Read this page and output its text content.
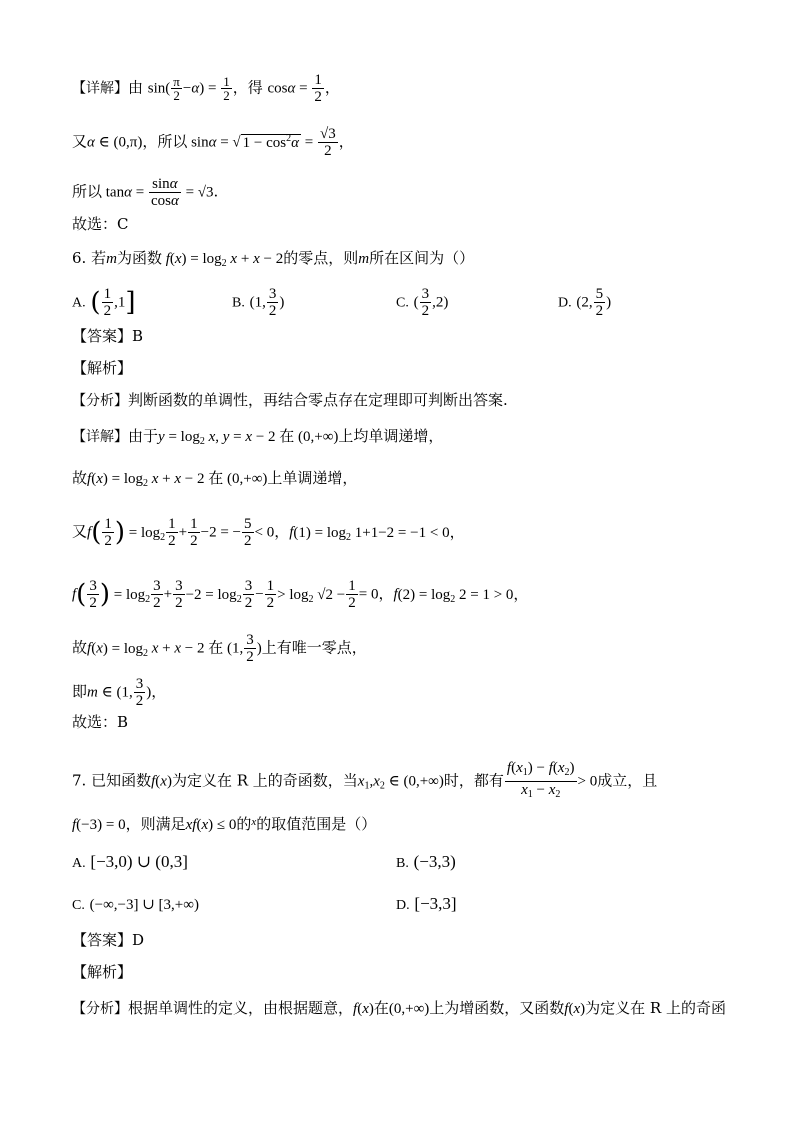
【详解】由 $\sin( \frac{\pi}{2} -\alpha) = \frac{1}{2}$ ，得 $\cos\alpha = \frac{1}{2}$ ，
又α ∈ (0,π)，所以 sinα = √ $1 - \cos^2\alpha = \frac{√3}{2}$ ，
所以 $\tan\alpha = \frac{\sin\alpha}{\cos\alpha} = √3$.
故选：C
6. 若m为函数 $f(x) = \log_2 x + x - 2$的零点，则m所在区间为（）
A. ( $\frac{1}{2} ,1$]	B. (1, $\frac{3}{2}$ )	C. ( $\frac{3}{2} ,2$)	D. (2, $\frac{5}{2}$ )
【答案】B
【解析】
【分析】判断函数的单调性，再结合零点存在定理即可判断出答案.
【详解】由于$y = \log_2 x$, y = x − 2 在 (0,+∞)上均单调递增，
故$f(x) = \log_2 x + x - 2$ 在 (0,+∞)上单调递增，
又$f( \frac{1}{2}$ ) = $\log_2 \frac{1}{2} + \frac{1}{2} -2$ = − $\frac{5}{2} < 0$，$f(1) = \log_2 1+1-2 = -1 < 0$，
$f( \frac{3}{2}$ ) = $\log_2 \frac{3}{2} + \frac{3}{2} -2 = \log_2 \frac{3}{2} - \frac{1}{2} > \log_2 √2 - \frac{1}{2} = 0$，$f(2) = \log_2 2 = 1 > 0$，
故$f(x) = \log_2 x + x - 2$ 在 (1, $\frac{3}{2}$ )上有唯一零点，
即m ∈ (1, $\frac{3}{2}$ )，
故选：B
7. 已知函数f(x)为定义在 R 上的奇函数，当$x_1,x_2$ ∈ (0,+∞)时，都有 $\frac{f(x_1) - f(x_2)}{x_1 - x_2} > 0$成立，且
f(−3) = 0，则满足xf(x) ≤ 0的$^x$的取值范围是（）
A. [−3,0) ∪ (0,3]	B. (−3,3)
C. (−∞,−3] ∪ [3,+∞)	D. [−3,3]
【答案】D
【解析】
【分析】根据单调性的定义，由根据题意，f(x)在(0,+∞)上为增函数，又函数f(x)为定义在 R 上的奇函
